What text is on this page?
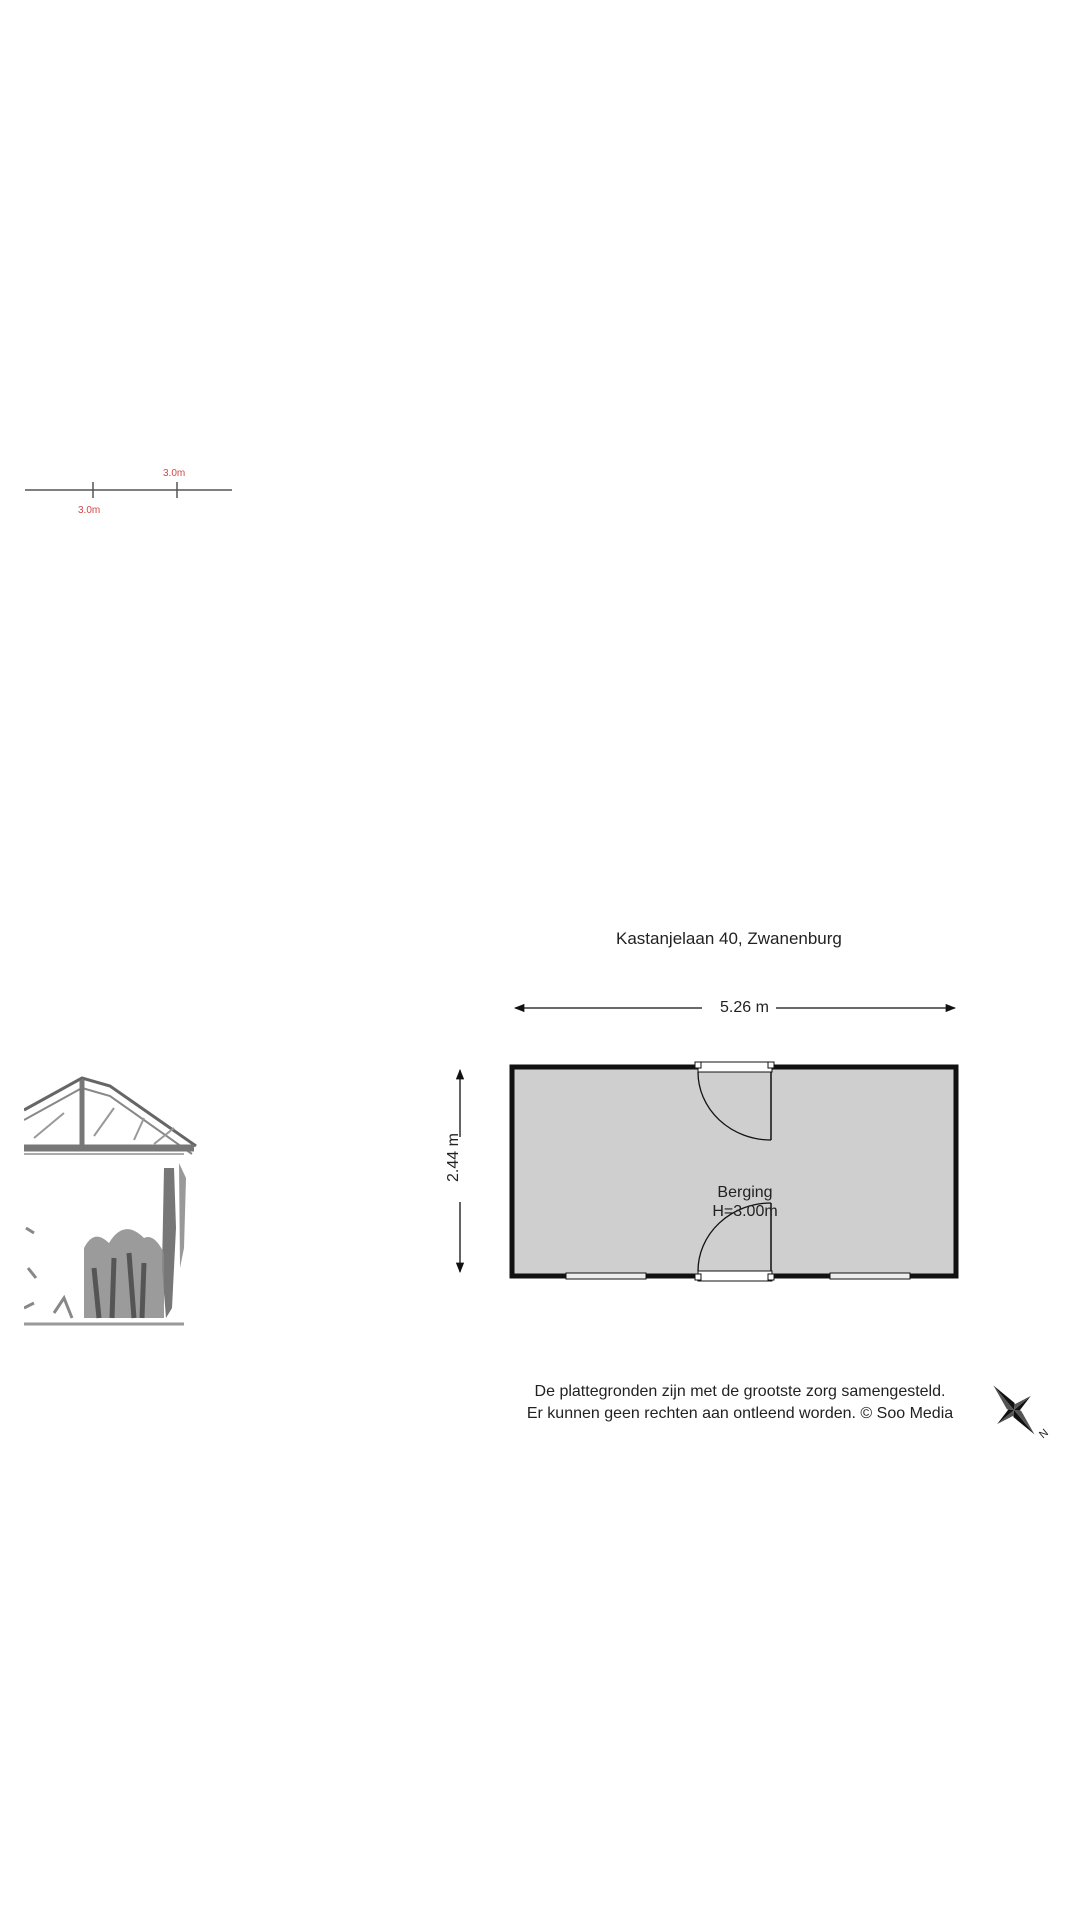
3.0m
3.0m
Kastanjelaan 40, Zwanenburg
5.26 m
2.44 m
Berging
H=3.00m
De plattegronden zijn met de grootste zorg samengesteld.
Er kunnen geen rechten aan ontleend worden. © Soo Media
N
